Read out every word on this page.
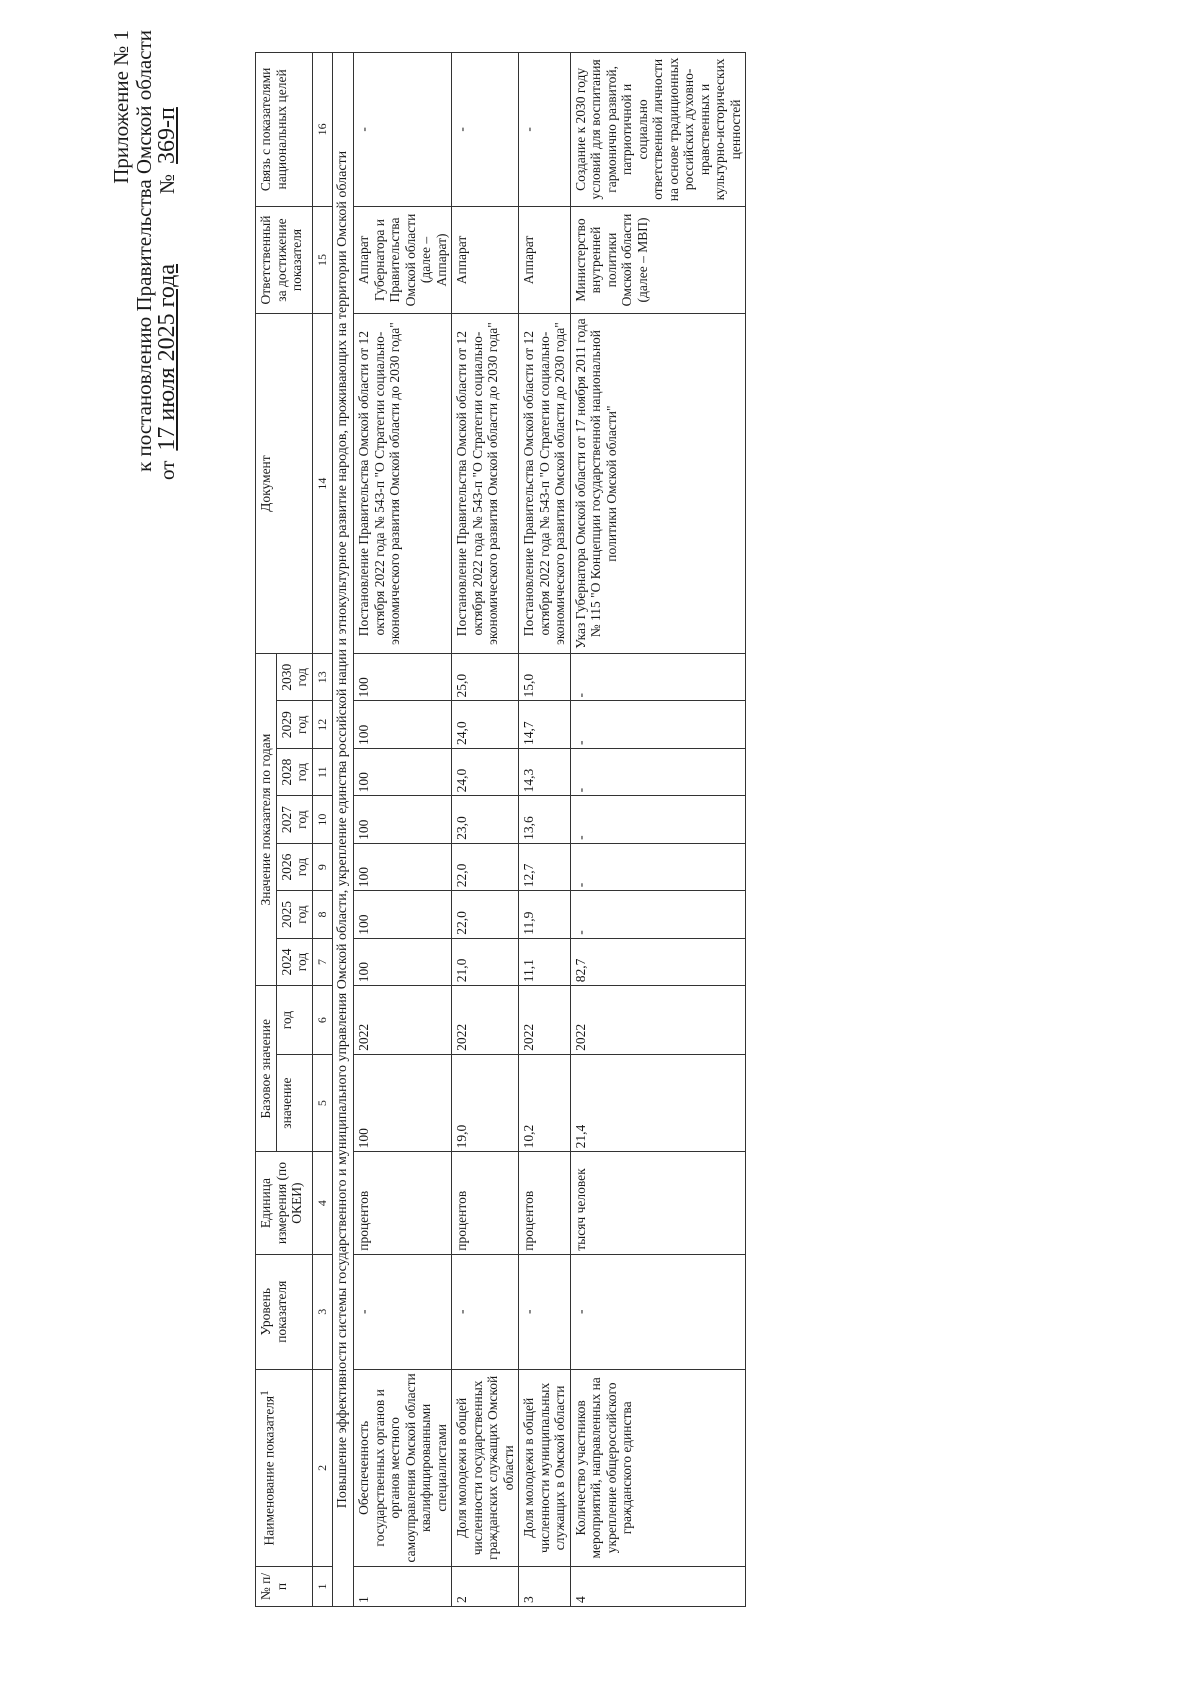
Приложение № 1 к постановлению Правительства Омской области от
17 июля 2025 года
№
369-п
№ п/п	Наименование показателя$^1$	Уровень показателя	Единица измерения (по ОКЕИ)	Базовое значение		Значение показателя по годам							Документ	Ответственный за достижение показателя	Связь с показателями национальных целей
				значение	год	2024 год	2025 год	2026 год	2027 год	2028 год	2029 год	2030 год			
1	2	3	4	5	6	7	8	9	10	11	12	13	14	15	16
Повышение эффективности системы государственного и муниципального управления Омской области, укрепление единства российской нации и этнокультурное развитие народов, проживающих на территории Омской области															
1	Обеспеченность государственных органов и органов местного самоуправления Омской области квалифицированными специалистами	-	процентов	100	2022	100	100	100	100	100	100	100	Постановление Правительства Омской области от 12 октября 2022 года № 543-п "О Стратегии социально-экономического развития Омской области до 2030 года"	Аппарат Губернатора и Правительства Омской области (далее – Аппарат)	-
2	Доля молодежи в общей численности государственных гражданских служащих Омской области	-	процентов	19,0	2022	21,0	22,0	22,0	23,0	24,0	24,0	25,0	Постановление Правительства Омской области от 12 октября 2022 года № 543-п "О Стратегии социально-экономического развития Омской области до 2030 года"	Аппарат	-
3	Доля молодежи в общей численности муниципальных служащих в Омской области	-	процентов	10,2	2022	11,1	11,9	12,7	13,6	14,3	14,7	15,0	Постановление Правительства Омской области от 12 октября 2022 года № 543-п "О Стратегии социально-экономического развития Омской области до 2030 года"	Аппарат	-
4	Количество участников мероприятий, направленных на укрепление общероссийского гражданского единства	-	тысяч человек	21,4	2022	82,7	-	-	-	-	-	-	Указ Губернатора Омской области от 17 ноября 2011 года № 115 "О Концепции государственной национальной политики Омской области"	Министерство внутренней политики Омской области (далее – МВП)	Создание к 2030 году условий для воспитания гармонично развитой, патриотичной и социально ответственной личности на основе традиционных российских духовно-нравственных и культурно-исторических ценностей
